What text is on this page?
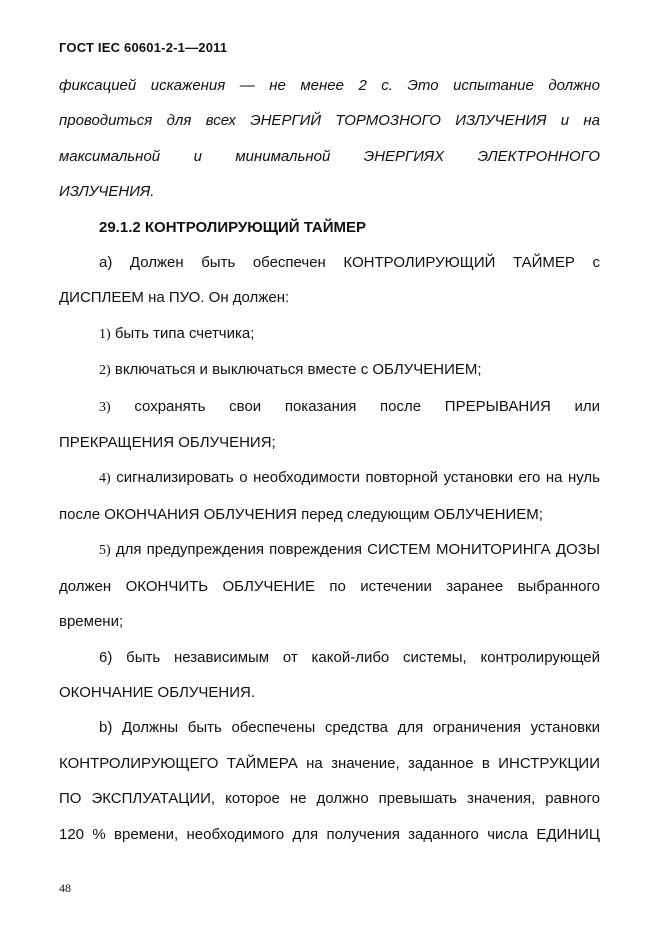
ГОСТ IEC 60601-2-1—2011

фиксацией искажения — не менее 2 с. Это испытание должно

проводиться для всех ЭНЕРГИЙ ТОРМОЗНОГО ИЗЛУЧЕНИЯ и на

максимальной и минимальной ЭНЕРГИЯХ ЭЛЕКТРОННОГО

ИЗЛУЧЕНИЯ.

29.1.2 КОНТРОЛИРУЮЩИЙ ТАЙМЕР

а) Должен быть обеспечен КОНТРОЛИРУЮЩИЙ ТАЙМЕР с ДИСПЛЕЕМ на ПУО. Он должен:

1) быть типа счетчика;

2) включаться и выключаться вместе с ОБЛУЧЕНИЕМ;

3) сохранять свои показания после ПРЕРЫВАНИЯ или ПРЕКРАЩЕНИЯ ОБЛУЧЕНИЯ;

4) сигнализировать о необходимости повторной установки его на нуль после ОКОНЧАНИЯ ОБЛУЧЕНИЯ перед следующим ОБЛУЧЕНИЕМ;

5) для предупреждения повреждения СИСТЕМ МОНИТОРИНГА ДОЗЫ должен ОКОНЧИТЬ ОБЛУЧЕНИЕ по истечении заранее выбранного времени;

6) быть независимым от какой-либо системы, контролирующей ОКОНЧАНИЕ ОБЛУЧЕНИЯ.

b) Должны быть обеспечены средства для ограничения установки

КОНТРОЛИРУЮЩЕГО ТАЙМЕРА на значение, заданное в ИНСТРУКЦИИ

ПО ЭКСПЛУАТАЦИИ, которое не должно превышать значения, равного

120 % времени, необходимого для получения заданного числа ЕДИНИЦ

48
